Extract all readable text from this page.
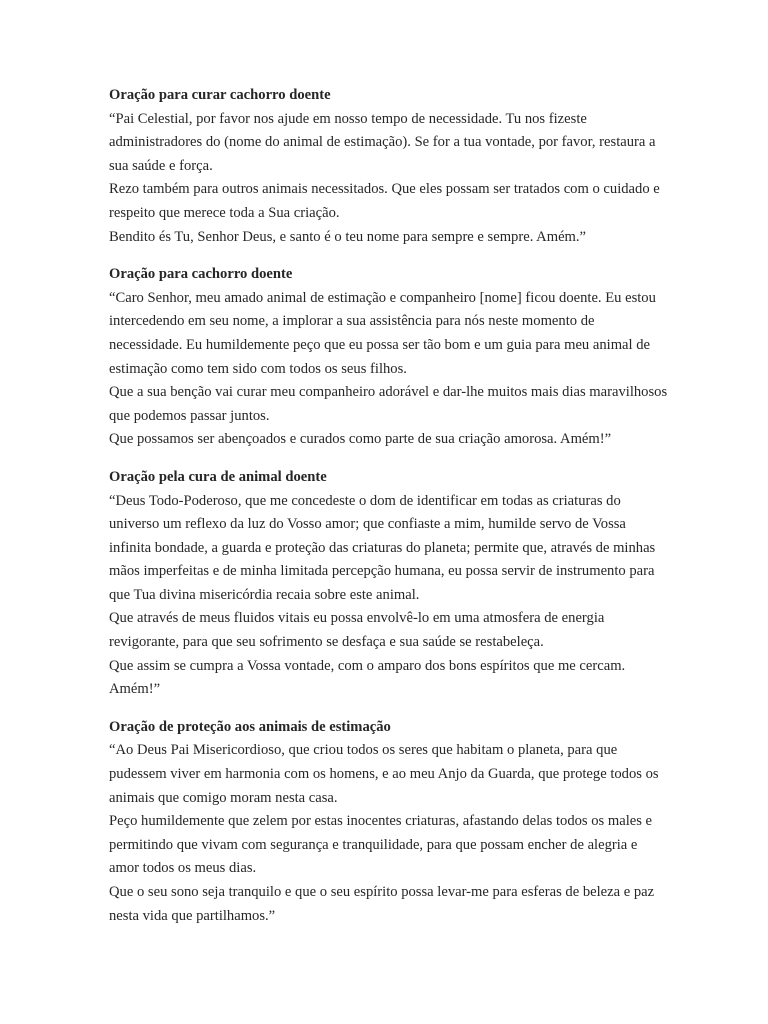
Oração para curar cachorro doente

“Pai Celestial, por favor nos ajude em nosso tempo de necessidade. Tu nos fizeste administradores do (nome do animal de estimação). Se for a tua vontade, por favor, restaura a sua saúde e força.

Rezo também para outros animais necessitados. Que eles possam ser tratados com o cuidado e respeito que merece toda a Sua criação.

Bendito és Tu, Senhor Deus, e santo é o teu nome para sempre e sempre. Amém.”

Oração para cachorro doente

“Caro Senhor, meu amado animal de estimação e companheiro [nome] ficou doente. Eu estou intercedendo em seu nome, a implorar a sua assistência para nós neste momento de necessidade. Eu humildemente peço que eu possa ser tão bom e um guia para meu animal de estimação como tem sido com todos os seus filhos.

Que a sua benção vai curar meu companheiro adorável e dar-lhe muitos mais dias maravilhosos que podemos passar juntos.

Que possamos ser abençoados e curados como parte de sua criação amorosa. Amém!”

Oração pela cura de animal doente

“Deus Todo-Poderoso, que me concedeste o dom de identificar em todas as criaturas do universo um reflexo da luz do Vosso amor; que confiaste a mim, humilde servo de Vossa infinita bondade, a guarda e proteção das criaturas do planeta; permite que, através de minhas mãos imperfeitas e de minha limitada percepção humana, eu possa servir de instrumento para que Tua divina misericórdia recaia sobre este animal.

Que através de meus fluidos vitais eu possa envolvê-lo em uma atmosfera de energia revigorante, para que seu sofrimento se desfaça e sua saúde se restabeleça.

Que assim se cumpra a Vossa vontade, com o amparo dos bons espíritos que me cercam. Amém!”

Oração de proteção aos animais de estimação

“Ao Deus Pai Misericordioso, que criou todos os seres que habitam o planeta, para que pudessem viver em harmonia com os homens, e ao meu Anjo da Guarda, que protege todos os animais que comigo moram nesta casa.

Peço humildemente que zelem por estas inocentes criaturas, afastando delas todos os males e permitindo que vivam com segurança e tranquilidade, para que possam encher de alegria e amor todos os meus dias.

Que o seu sono seja tranquilo e que o seu espírito possa levar-me para esferas de beleza e paz nesta vida que partilhamos.”
